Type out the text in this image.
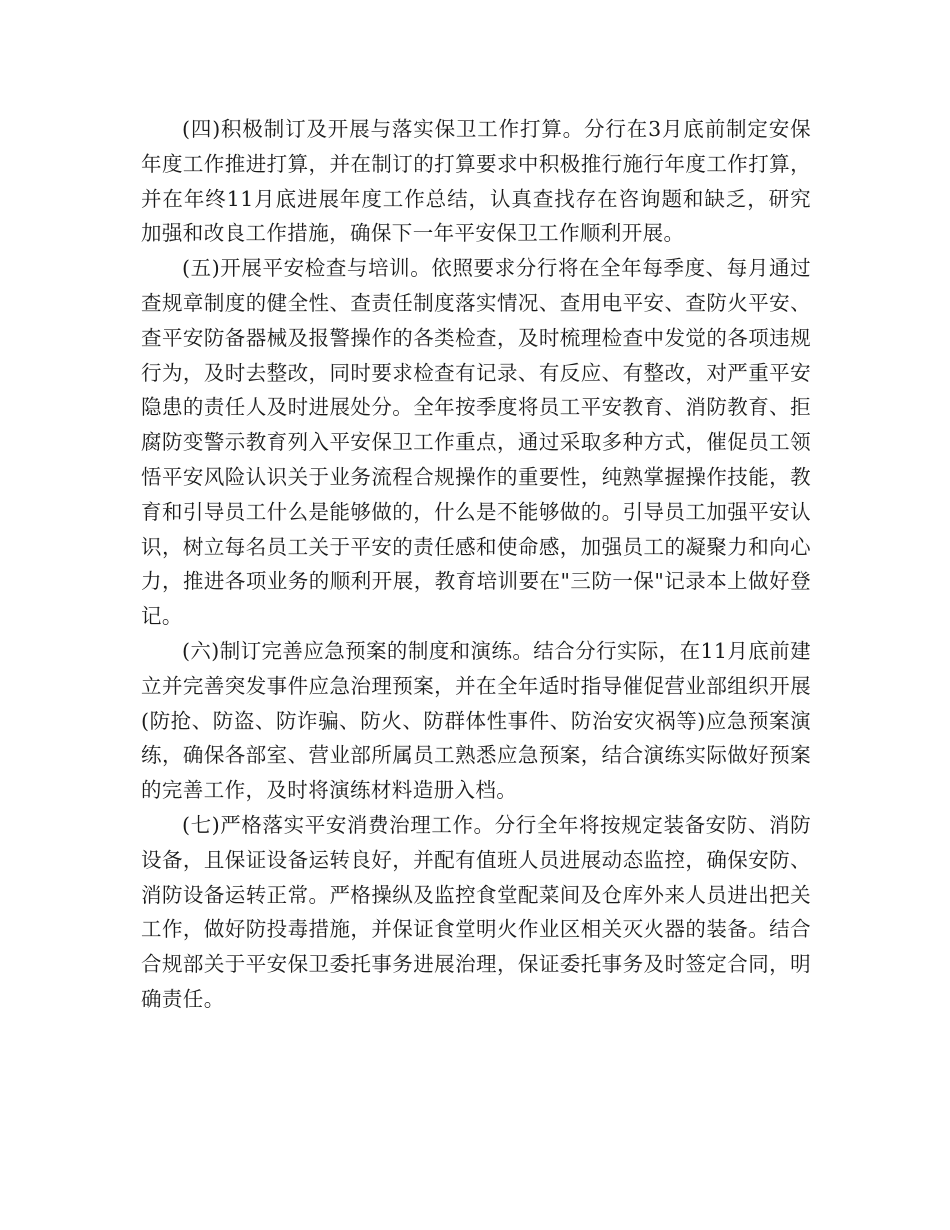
(四)积极制订及开展与落实保卫工作打算。分行在3月底前制定安保年度工作推进打算，并在制订的打算要求中积极推行施行年度工作打算，并在年终11月底进展年度工作总结，认真查找存在咨询题和缺乏，研究加强和改良工作措施，确保下一年平安保卫工作顺利开展。

(五)开展平安检查与培训。依照要求分行将在全年每季度、每月通过查规章制度的健全性、查责任制度落实情况、查用电平安、查防火平安、查平安防备器械及报警操作的各类检查，及时梳理检查中发觉的各项违规行为，及时去整改，同时要求检查有记录、有反应、有整改，对严重平安隐患的责任人及时进展处分。全年按季度将员工平安教育、消防教育、拒腐防变警示教育列入平安保卫工作重点，通过采取多种方式，催促员工领悟平安风险认识关于业务流程合规操作的重要性，纯熟掌握操作技能，教育和引导员工什么是能够做的，什么是不能够做的。引导员工加强平安认识，树立每名员工关于平安的责任感和使命感，加强员工的凝聚力和向心力，推进各项业务的顺利开展，教育培训要在"三防一保"记录本上做好登记。

(六)制订完善应急预案的制度和演练。结合分行实际，在11月底前建立并完善突发事件应急治理预案，并在全年适时指导催促营业部组织开展(防抢、防盗、防诈骗、防火、防群体性事件、防治安灾祸等)应急预案演练，确保各部室、营业部所属员工熟悉应急预案，结合演练实际做好预案的完善工作，及时将演练材料造册入档。

(七)严格落实平安消费治理工作。分行全年将按规定装备安防、消防设备，且保证设备运转良好，并配有值班人员进展动态监控，确保安防、消防设备运转正常。严格操纵及监控食堂配菜间及仓库外来人员进出把关工作，做好防投毒措施，并保证食堂明火作业区相关灭火器的装备。结合合规部关于平安保卫委托事务进展治理，保证委托事务及时签定合同，明确责任。
